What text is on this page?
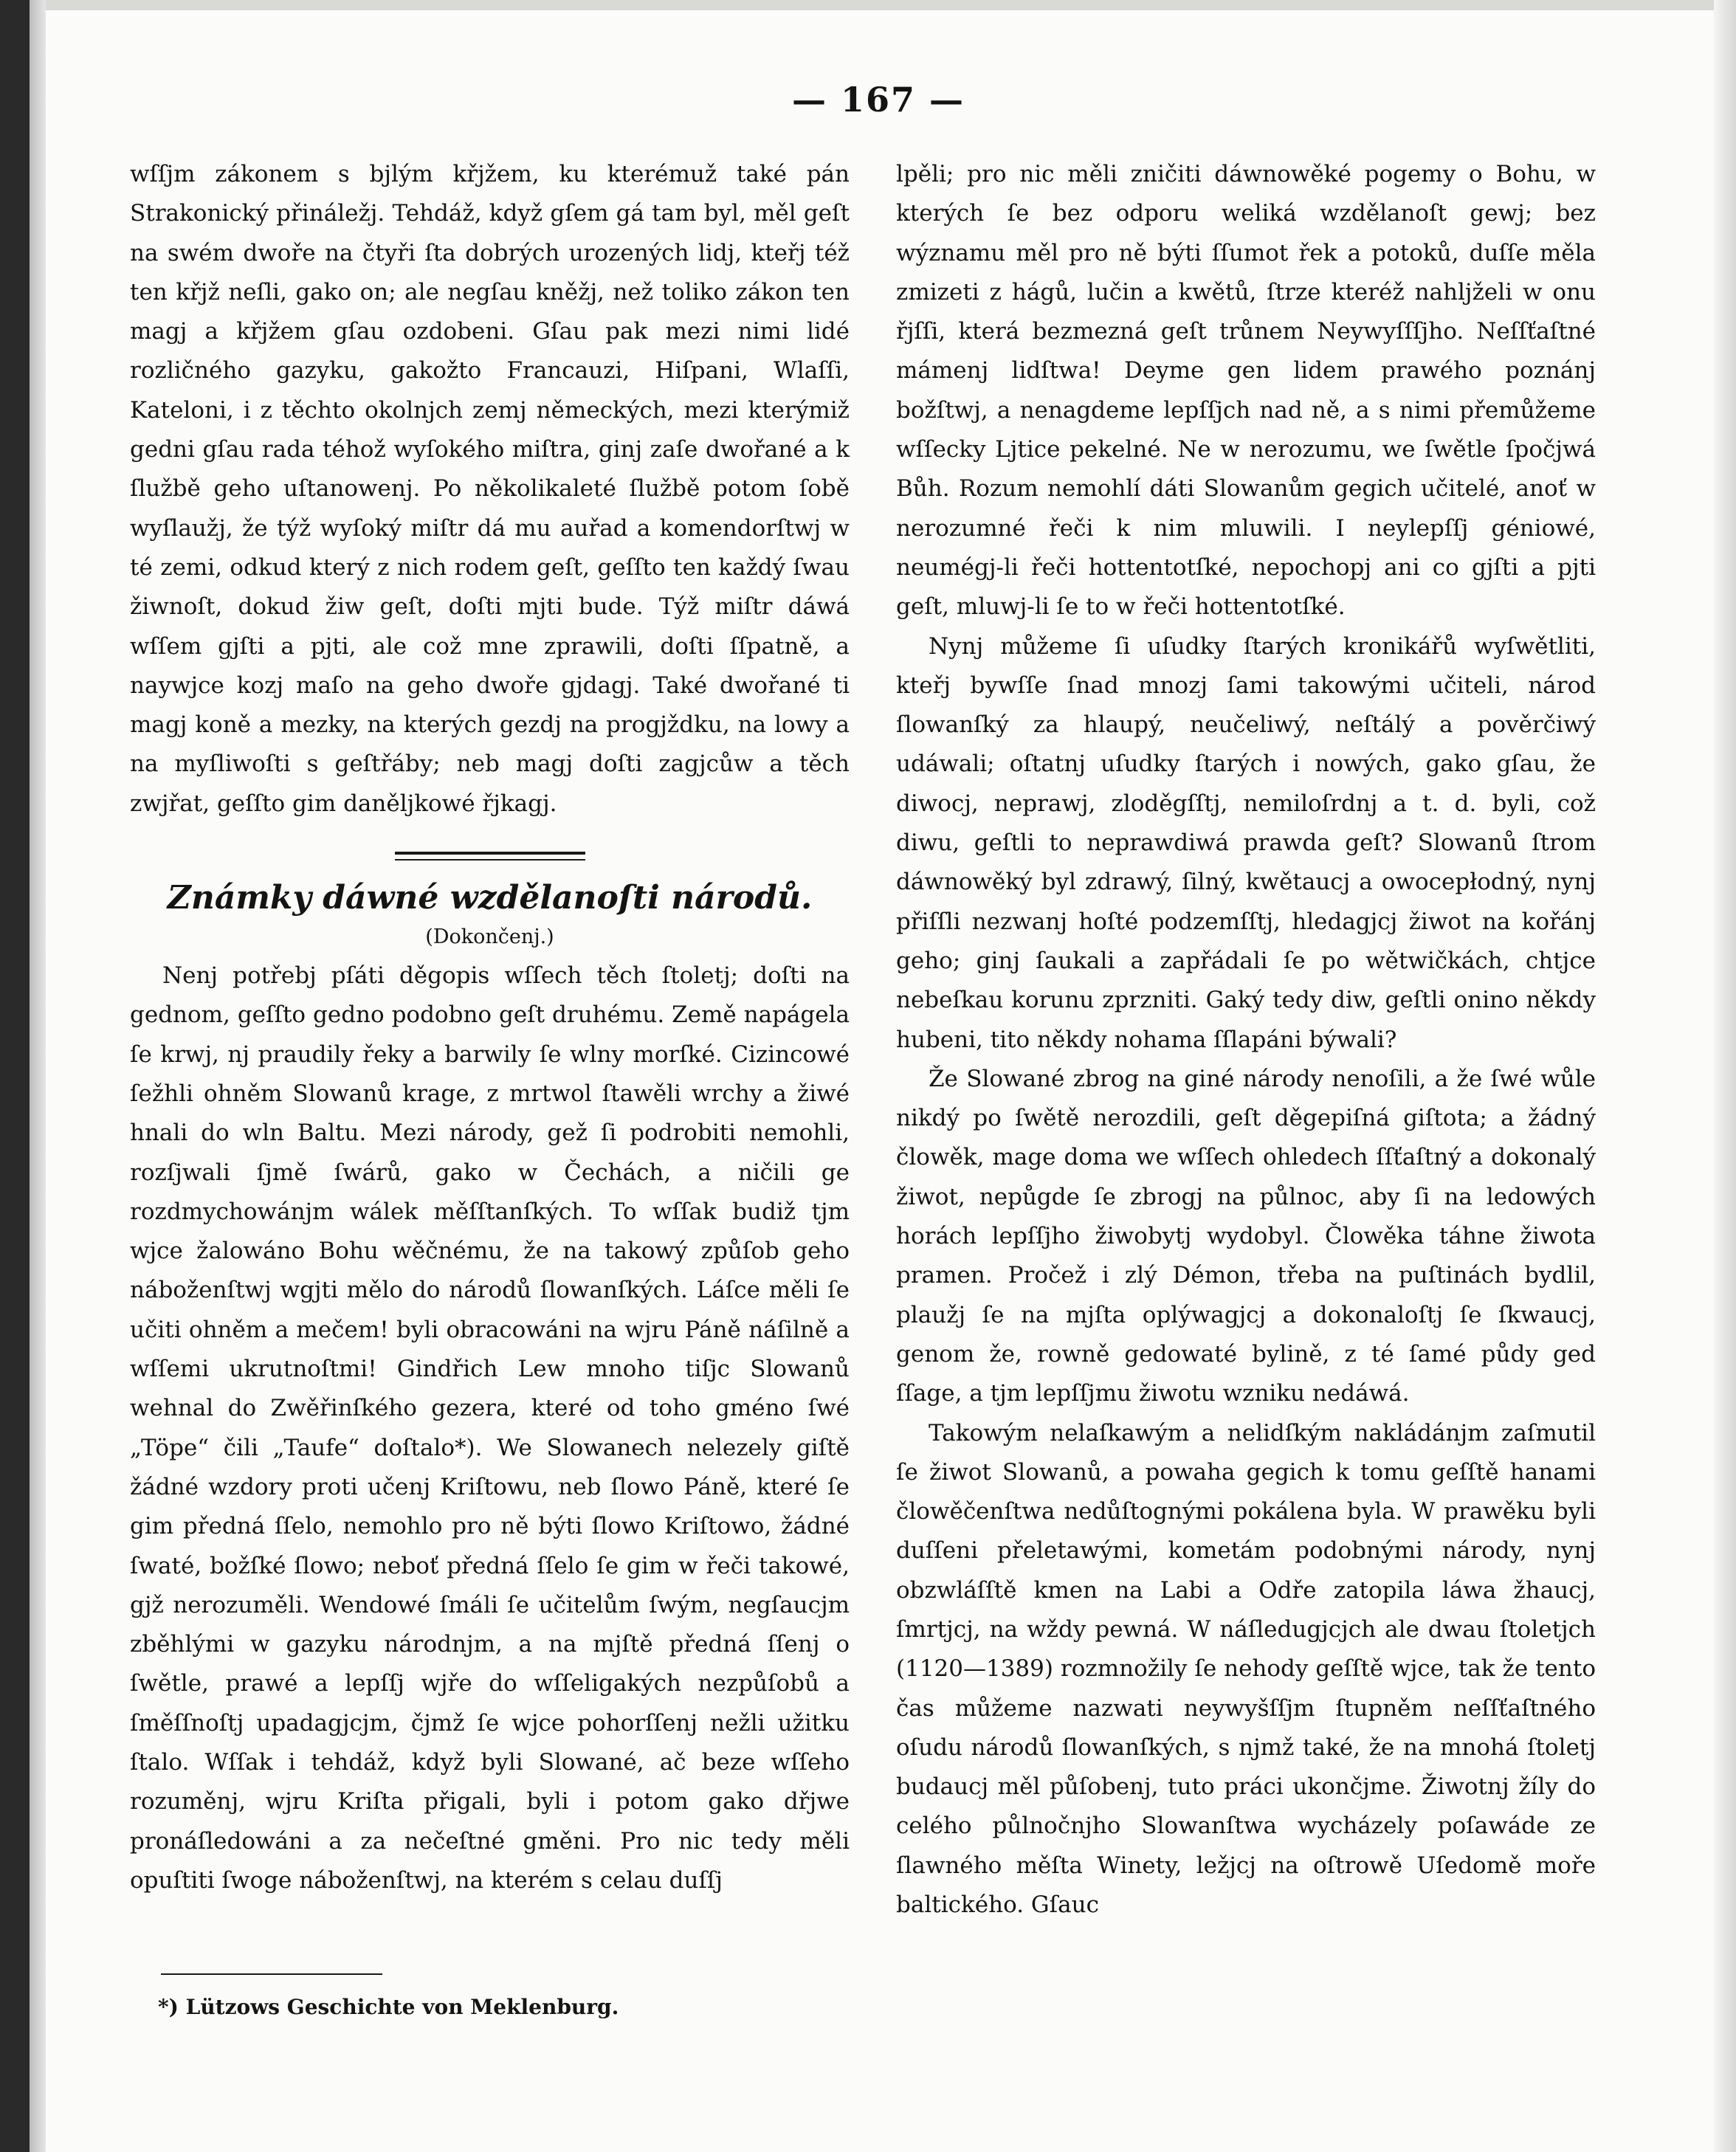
— 167 —

wſſjm zákonem s bjlým křjžem, ku kterémuž také pán Strakonický přináležj. Tehdáž, když gſem gá tam byl, měl geſt na swém dwoře na čtyři ſta dobrých urozených lidj, kteřj též ten křjž neſli, gako on; ale negſau kněžj, než toliko zákon ten magj a křjžem gſau ozdobeni. Gſau pak mezi nimi lidé rozličného gazyku, gakožto Francauzi, Hiſpani, Wlaſſi, Kateloni, i z těchto okolnjch zemj německých, mezi kterýmiž gedni gſau rada téhož wyſokého miſtra, ginj zaſe dwořané a k ſlužbě geho uſtanowenj. Po několikaleté ſlužbě potom ſobě wyſlaužj, že týž wyſoký miſtr dá mu auřad a komendorſtwj w té zemi, odkud který z nich rodem geſt, geſſto ten každý ſwau žiwnoſt, dokud žiw geſt, doſti mjti bude. Týž miſtr dáwá wſſem gjſti a pjti, ale což mne zprawili, doſti ſſpatně, a naywjce kozj maſo na geho dwoře gjdagj. Také dwořané ti magj koně a mezky, na kterých gezdj na progjždku, na lowy a na myſliwoſti s geſtřáby; neb magj doſti zagjcůw a těch zwjřat, geſſto gim daněljkowé řjkagj.

Známky dáwné wzdělanoſti národů.
(Dokončenj.)

Nenj potřebj pſáti děgopis wſſech těch ſtoletj; doſti na gednom, geſſto gedno podobno geſt druhému. Země napágela ſe krwj, nj praudily řeky a barwily ſe wlny morſké. Cizincowé ſežhli ohněm Slowanů krage, z mrtwol ſtawěli wrchy a žiwé hnali do wln Baltu. Mezi národy, gež ſi podrobiti nemohli, rozſjwali ſjmě ſwárů, gako w Čechách, a ničili ge rozdmychowánjm wálek měſſtanſkých. To wſſak budiž tjm wjce žalowáno Bohu wěčnému, že na takowý způſob geho náboženſtwj wgjti mělo do národů ſlowanſkých. Láſce měli ſe učiti ohněm a mečem! byli obracowáni na wjru Páně náſilně a wſſemi ukrutnoſtmi! Gindřich Lew mnoho tiſjc Slowanů wehnal do Zwěřinſkého gezera, které od toho gméno ſwé „Töpe“ čili „Taufe“ doſtalo*). We Slowanech nelezely giſtě žádné wzdory proti učenj Kriſtowu, neb ſlowo Páně, které ſe gim předná ſſelo, nemohlo pro ně býti ſlowo Kriſtowo, žádné ſwaté, božſké ſlowo; neboť předná ſſelo ſe gim w řeči takowé, gjž nerozuměli. Wendowé ſmáli ſe učitelům ſwým, negſaucjm zběhlými w gazyku národnjm, a na mjſtě předná ſſenj o ſwětle, prawé a lepſſj wjře do wſſeligakých nezpůſobů a ſměſſnoſtj upadagjcjm, čjmž ſe wjce pohorſſenj nežli užitku ſtalo. Wſſak i tehdáž, když byli Slowané, ač beze wſſeho rozuměnj, wjru Kriſta přigali, byli i potom gako dřjwe pronáſledowáni a za nečeſtné gměni. Pro nic tedy měli opuſtiti ſwoge náboženſtwj, na kterém s celau duſſj

lpěli; pro nic měli zničiti dáwnowěké pogemy o Bohu, w kterých ſe bez odporu weliká wzdělanoſt gewj; bez wýznamu měl pro ně býti ſſumot řek a potoků, duſſe měla zmizeti z hágů, lučin a kwětů, ſtrze kteréž nahljželi w onu řjſſi, která bezmezná geſt trůnem Neywyſſſjho. Neſſťaſtné mámenj lidſtwa! Deyme gen lidem prawého poznánj božſtwj, a nenagdeme lepſſjch nad ně, a s nimi přemůžeme wſſecky Ljtice pekelné. Ne w nerozumu, we ſwětle ſpočjwá Bůh. Rozum nemohlí dáti Slowanům gegich učitelé, anoť w nerozumné řeči k nim mluwili. I neylepſſj géniowé, neumégj-li řeči hottentotſké, nepochopj ani co gjſti a pjti geſt, mluwj-li ſe to w řeči hottentotſké.

Nynj můžeme ſi uſudky ſtarých kronikářů wyſwětliti, kteřj bywſſe ſnad mnozj ſami takowými učiteli, národ ſlowanſký za hlaupý, neučeliwý, neſtálý a pověrčiwý udáwali; oſtatnj uſudky ſtarých i nowých, gako gſau, že diwocj, neprawj, zloděgſſtj, nemiloſrdnj a t. d. byli, což diwu, geſtli to neprawdiwá prawda geſt? Slowanů ſtrom dáwnowěký byl zdrawý, ſilný, kwětaucj a owocepłodný, nynj přiſſli nezwanj hoſté podzemſſtj, hledagjcj žiwot na kořánj geho; ginj ſaukali a zapřádali ſe po wětwičkách, chtjce nebeſkau korunu zprzniti. Gaký tedy diw, geſtli onino někdy hubeni, tito někdy nohama ſſlapáni býwali?

Že Slowané zbrog na giné národy nenoſili, a že ſwé wůle nikdý po ſwětě nerozdili, geſt děgepiſná giſtota; a žádný člowěk, mage doma we wſſech ohledech ſſťaſtný a dokonalý žiwot, nepůgde ſe zbrogj na půlnoc, aby ſi na ledowých horách lepſſjho žiwobytj wydobyl. Člowěka táhne žiwota pramen. Pročež i zlý Démon, třeba na puſtinách bydlil, plaužj ſe na mjſta oplýwagjcj a dokonaloſtj ſe ſkwaucj, genom že, rowně gedowaté bylině, z té ſamé půdy ged ſſage, a tjm lepſſjmu žiwotu wzniku nedáwá.

Takowým nelaſkawým a nelidſkým nakládánjm zaſmutil ſe žiwot Slowanů, a powaha gegich k tomu geſſtě hanami člowěčenſtwa nedůſtognými pokálena byla. W prawěku byli duſſeni přeletawými, kometám podobnými národy, nynj obzwláſſtě kmen na Labi a Odře zatopila láwa žhaucj, ſmrtjcj, na wždy pewná. W náſledugjcjch ale dwau ſtoletjch (1120—1389) rozmnožily ſe nehody geſſtě wjce, tak že tento čas můžeme nazwati neywyšſſjm ſtupněm neſſťaſtného oſudu národů ſlowanſkých, s njmž také, že na mnohá ſtoletj budaucj měl půſobenj, tuto práci ukončjme. Žiwotnj žíly do celého půlnočnjho Slowanſtwa wycházely poſawáde ze ſlawného měſta Winety, ležjcj na oſtrowě Uſedomě moře baltického. Gſauc

*) Lützows Geschichte von Meklenburg.
